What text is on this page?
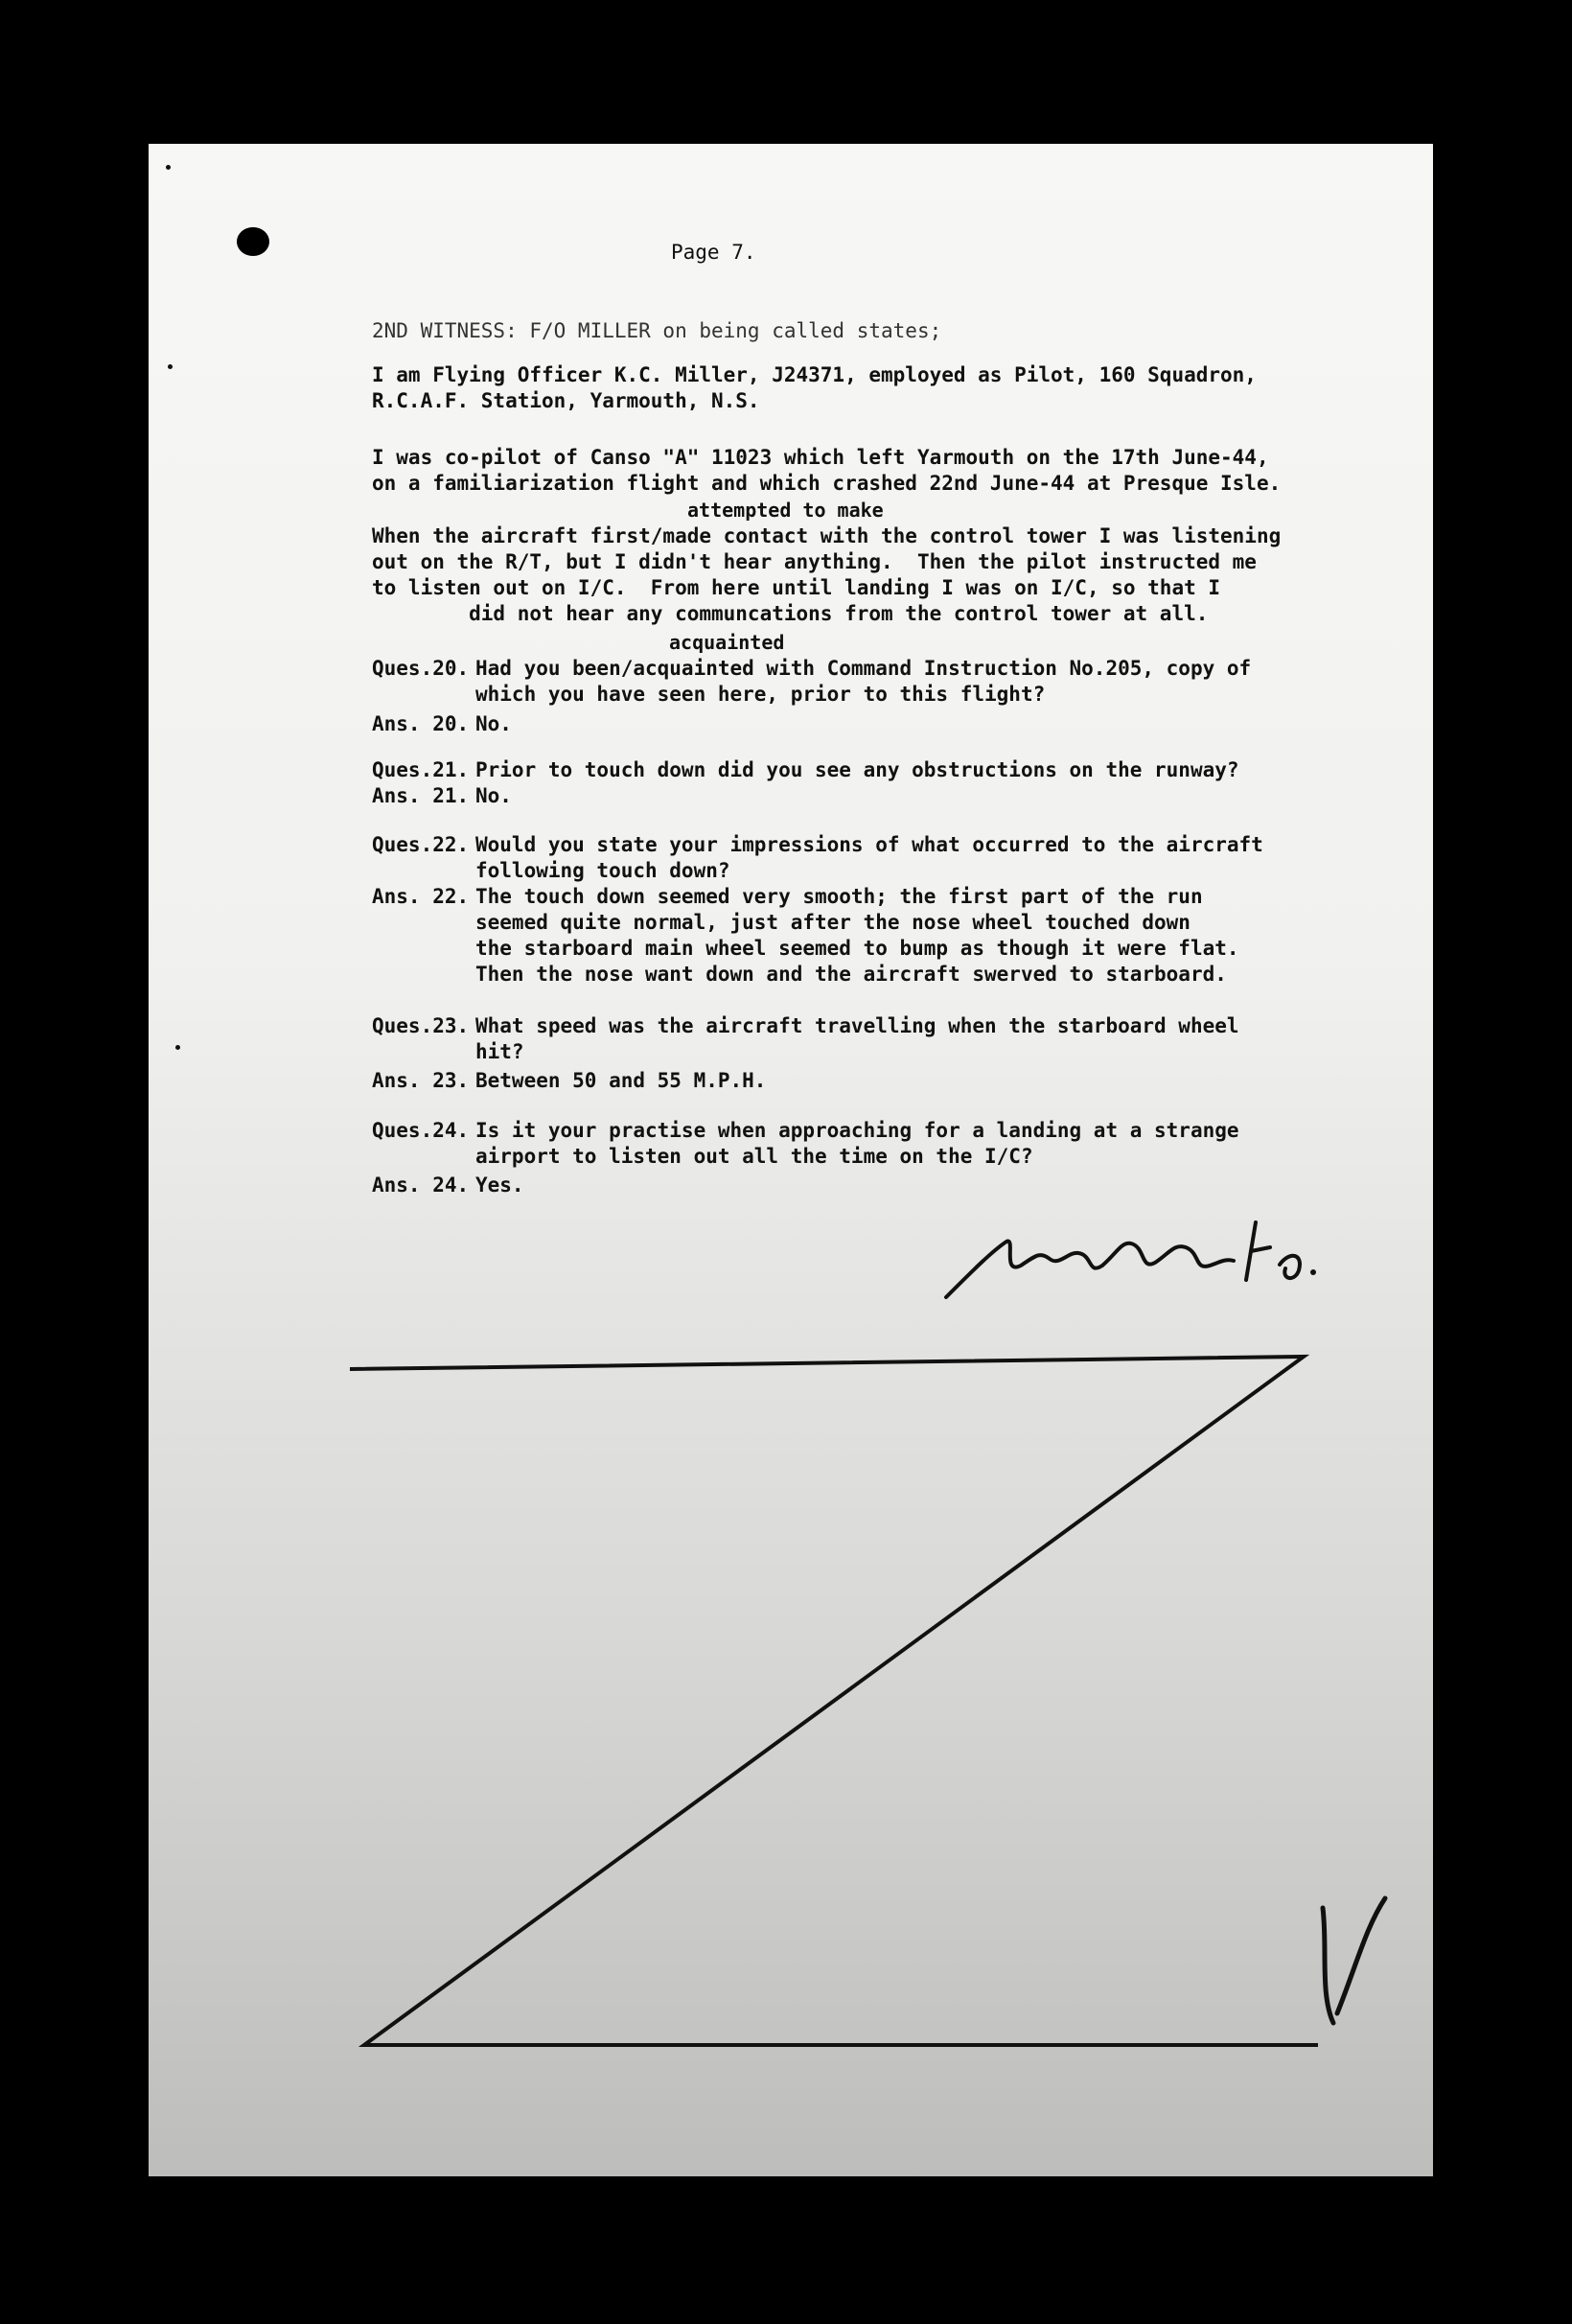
Page 7.
2ND WITNESS: F/O MILLER on being called states;
I am Flying Officer K.C. Miller, J24371, employed as Pilot, 160 Squadron,
R.C.A.F. Station, Yarmouth, N.S.
I was co-pilot of Canso "A" 11023 which left Yarmouth on the 17th June-44,
on a familiarization flight and which crashed 22nd June-44 at Presque Isle.
attempted to make
When the aircraft first/made contact with the control tower I was listening
out on the R/T, but I didn't hear anything.  Then the pilot instructed me
to listen out on I/C.  From here until landing I was on I/C, so that I
did not hear any communcations from the control tower at all.
acquainted
Ques.20. Had you been/acquainted with Command Instruction No.205, copy of
which you have seen here, prior to this flight?
Ans. 20. No.
Ques.21. Prior to touch down did you see any obstructions on the runway?
Ans. 21. No.
Ques.22. Would you state your impressions of what occurred to the aircraft
following touch down?
Ans. 22. The touch down seemed very smooth; the first part of the run
seemed quite normal, just after the nose wheel touched down
the starboard main wheel seemed to bump as though it were flat.
Then the nose want down and the aircraft swerved to starboard.
Ques.23. What speed was the aircraft travelling when the starboard wheel
hit?
Ans. 23. Between 50 and 55 M.P.H.
Ques.24. Is it your practise when approaching for a landing at a strange
airport to listen out all the time on the I/C?
Ans. 24. Yes.
